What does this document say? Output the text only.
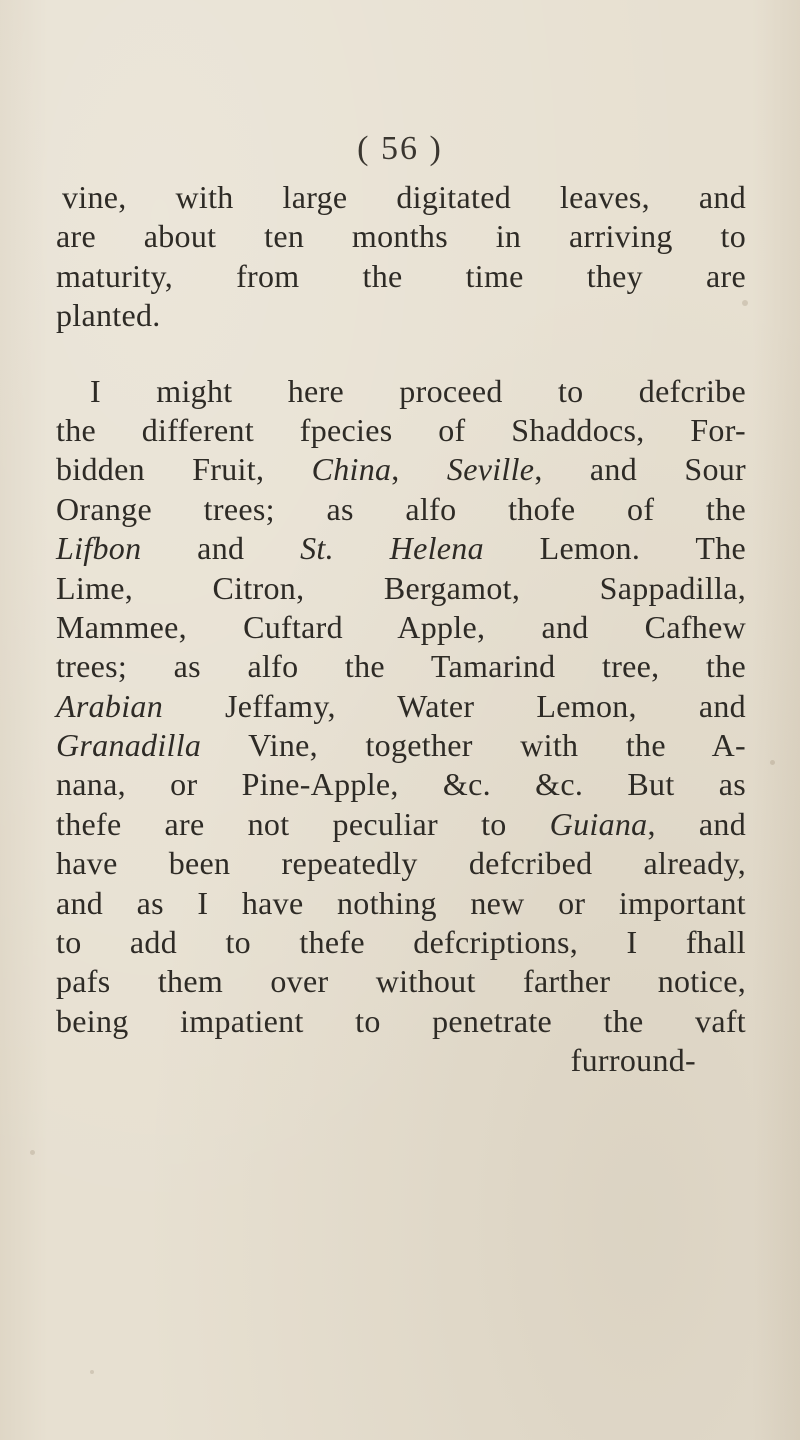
( 56 )
vine, with large digitated leaves, and
are about ten months in arriving to
maturity, from the time they are
planted.
I might here proceed to defcribe
the different fpecies of Shaddocs, For-
bidden Fruit, China, Seville, and Sour
Orange trees; as alfo thofe of the
Lifbon and St. Helena Lemon. The
Lime, Citron, Bergamot, Sappadilla,
Mammee, Cuftard Apple, and Cafhew
trees; as alfo the Tamarind tree, the
Arabian Jeffamy, Water Lemon, and
Granadilla Vine, together with the A-
nana, or Pine-Apple, &c. &c. But as
thefe are not peculiar to Guiana, and
have been repeatedly defcribed already,
and as I have nothing new or important
to add to thefe defcriptions, I fhall
pafs them over without farther notice,
being impatient to penetrate the vaft
furround-
